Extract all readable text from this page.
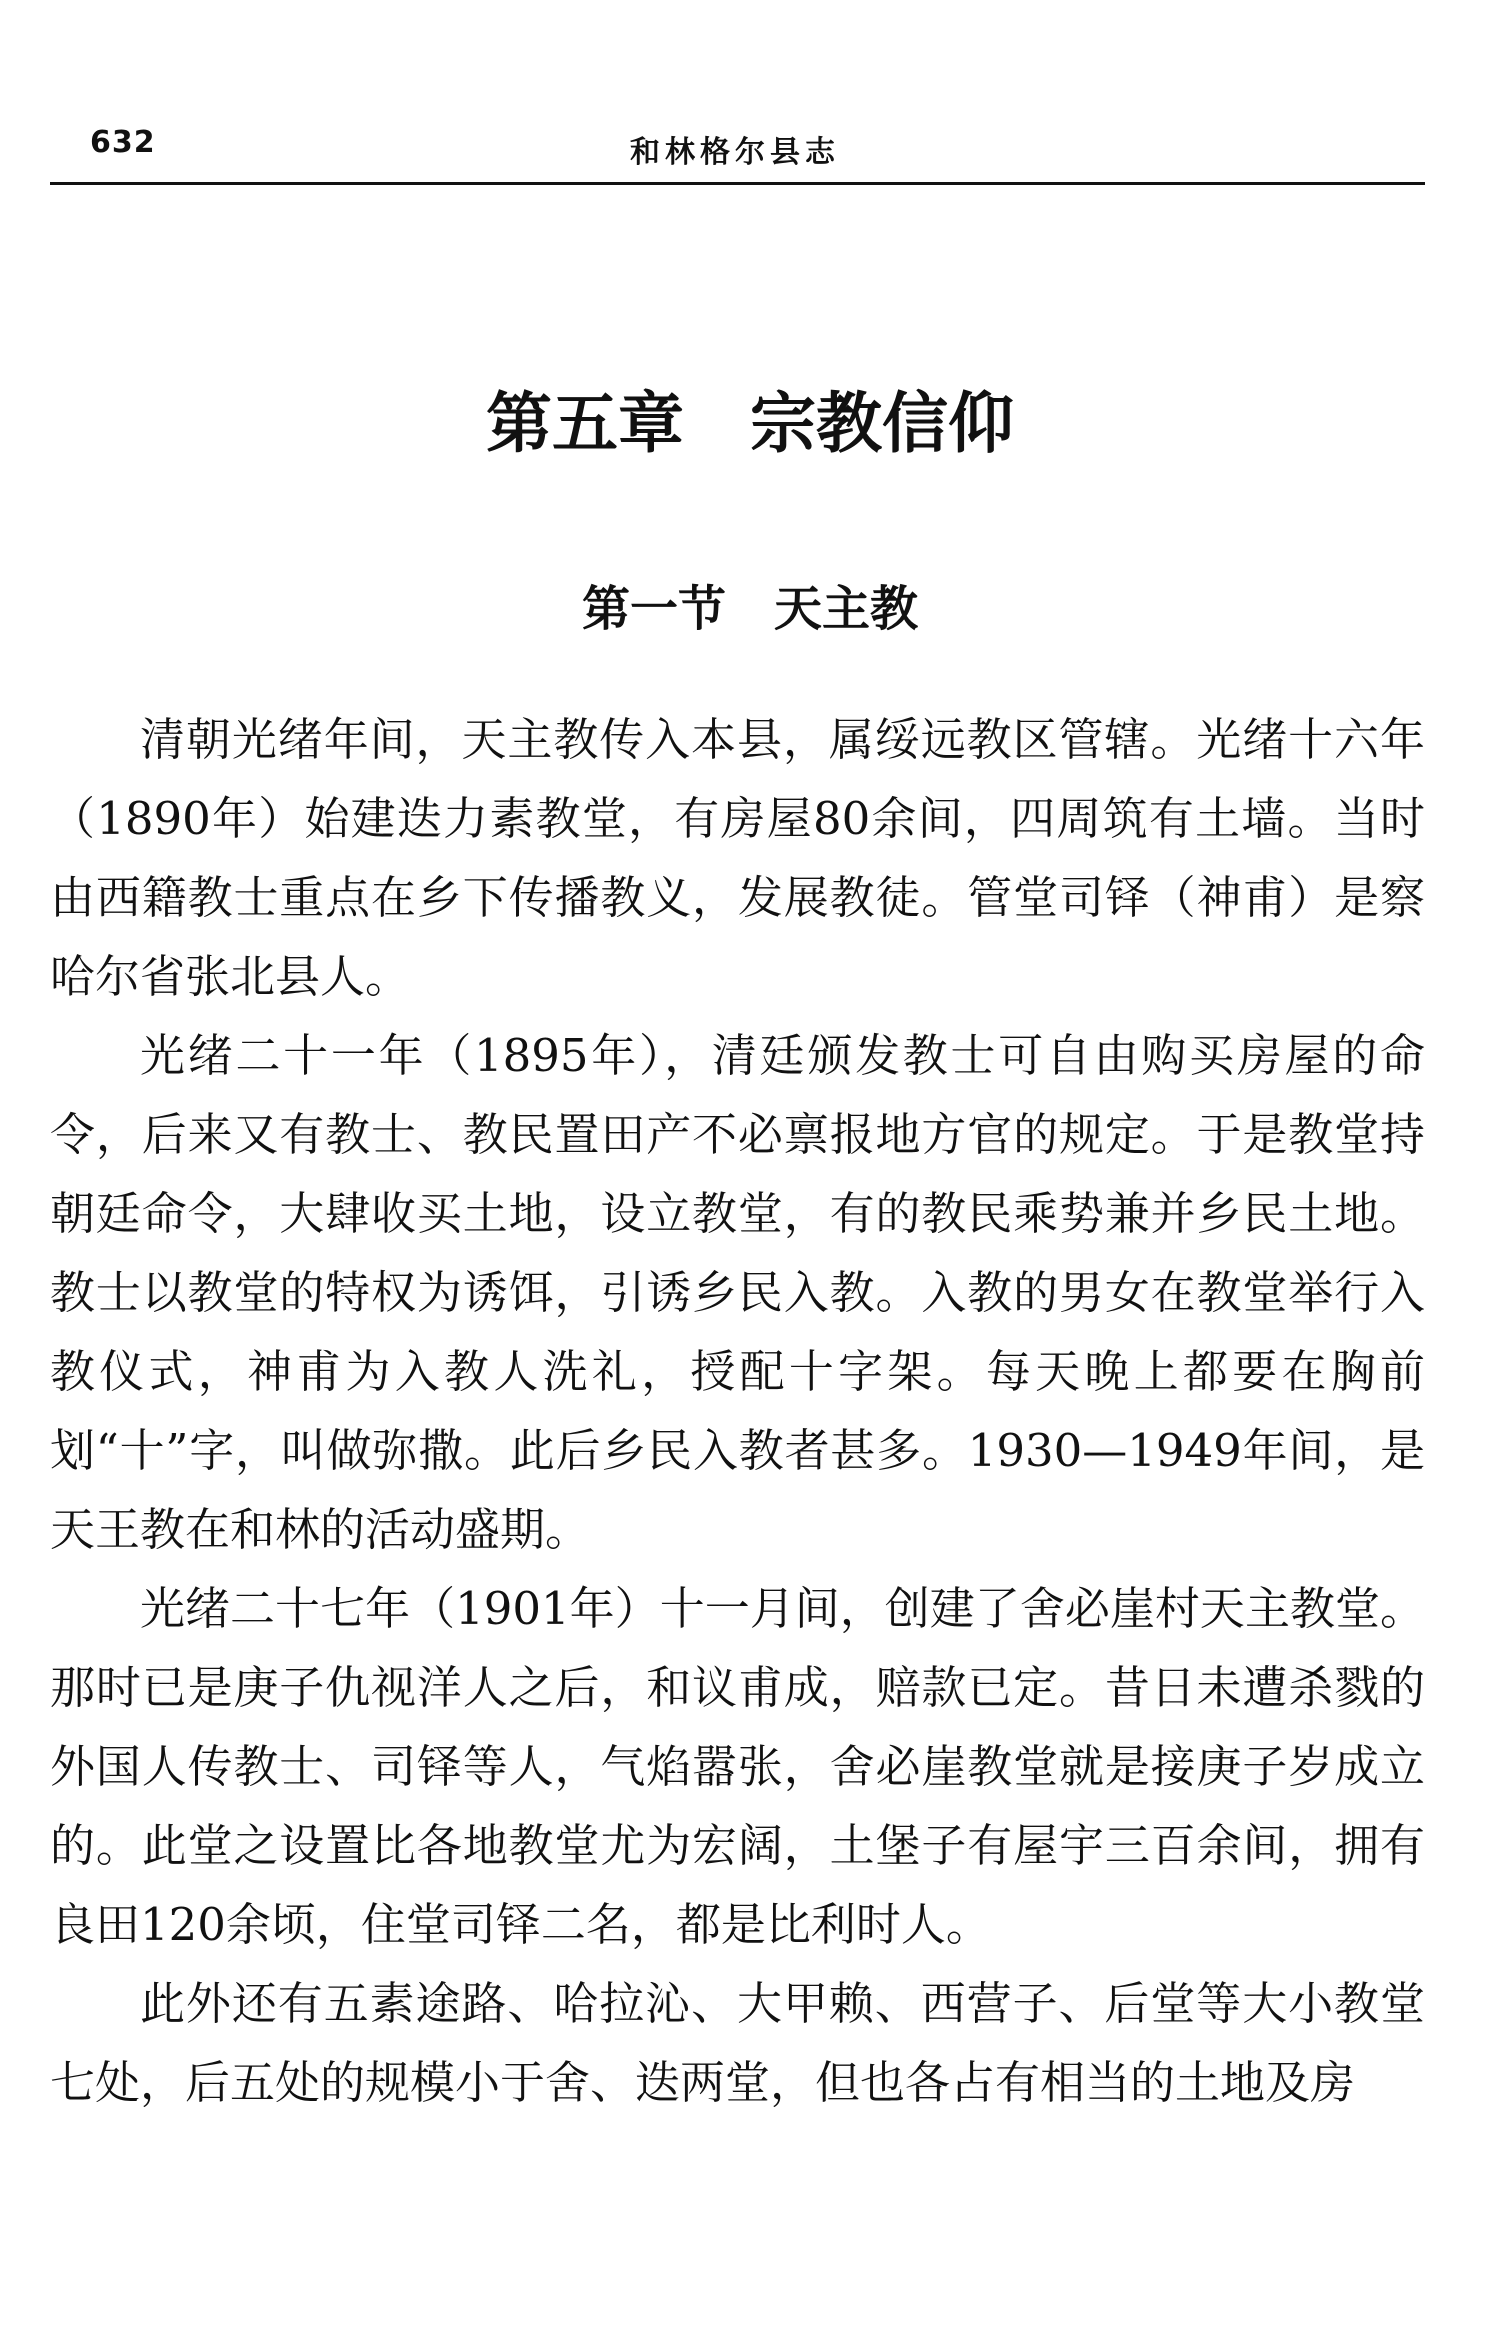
632	和林格尔县志
第五章　宗教信仰
第一节　天主教

清朝光绪年间，天主教传入本县，属绥远教区管辖。光绪十六年（1890年）始建迭力素教堂，有房屋80余间，四周筑有土墙。当时由西籍教士重点在乡下传播教义，发展教徒。管堂司铎（神甫）是察哈尔省张北县人。

光绪二十一年（1895年），清廷颁发教士可自由购买房屋的命令，后来又有教士、教民置田产不必禀报地方官的规定。于是教堂持朝廷命令，大肆收买土地，设立教堂，有的教民乘势兼并乡民土地。教士以教堂的特权为诱饵，引诱乡民入教。入教的男女在教堂举行入教仪式，神甫为入教人洗礼，授配十字架。每天晚上都要在胸前划“十”字，叫做弥撒。此后乡民入教者甚多。1930—1949年间，是天王教在和林的活动盛期。

光绪二十七年（1901年）十一月间，创建了舍必崖村天主教堂。那时已是庚子仇视洋人之后，和议甫成，赔款已定。昔日未遭杀戮的外国人传教士、司铎等人，气焰嚣张，舍必崖教堂就是接庚子岁成立的。此堂之设置比各地教堂尤为宏阔，土堡子有屋宇三百余间，拥有良田120余顷，住堂司铎二名，都是比利时人。

此外还有五素途路、哈拉沁、大甲赖、西营子、后堂等大小教堂七处，后五处的规模小于舍、迭两堂，但也各占有相当的土地及房
